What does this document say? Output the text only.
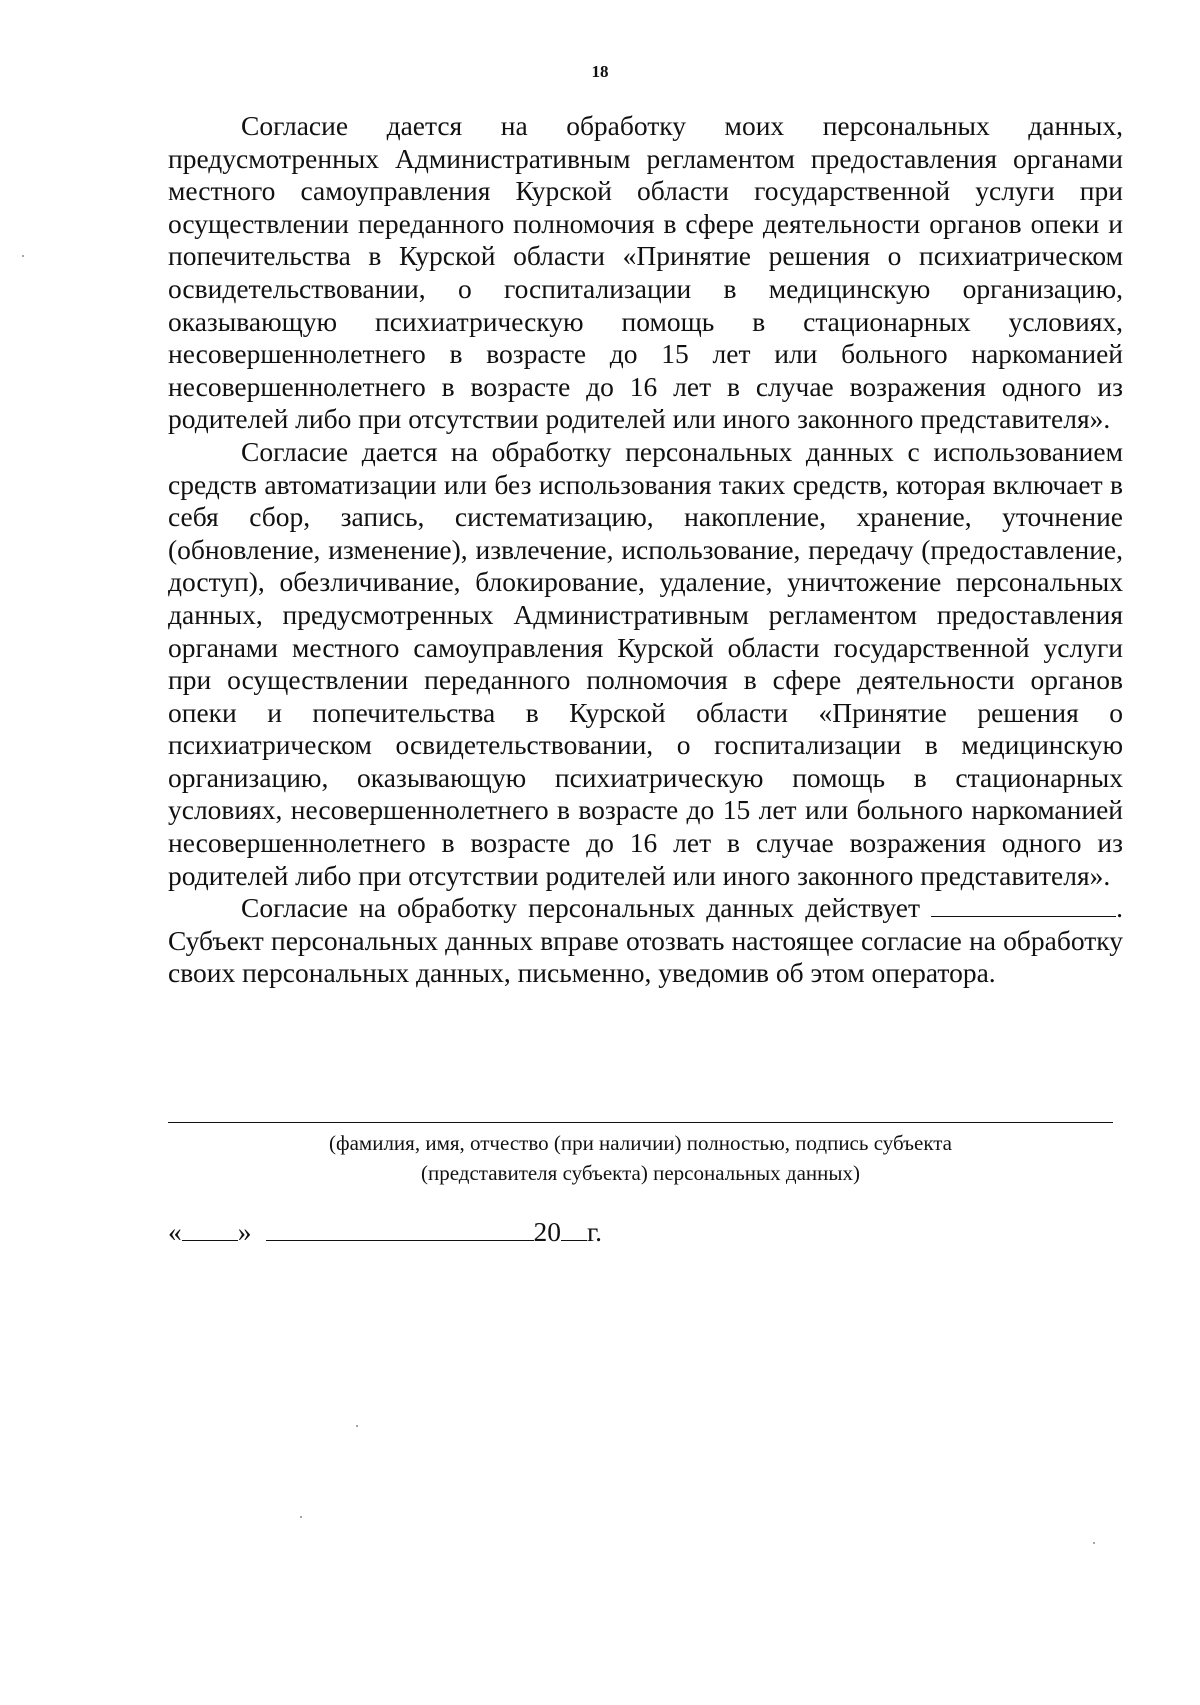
18

Согласие дается на обработку моих персональных данных, предусмотренных Административным регламентом предоставления органами местного самоуправления Курской области государственной услуги при осуществлении переданного полномочия в сфере деятельности органов опеки и попечительства в Курской области «Принятие решения о психиатрическом освидетельствовании, о госпитализации в медицинскую организацию, оказывающую психиатрическую помощь в стационарных условиях, несовершеннолетнего в возрасте до 15 лет или больного наркоманией несовершеннолетнего в возрасте до 16 лет в случае возражения одного из родителей либо при отсутствии родителей или иного законного представителя».

Согласие дается на обработку персональных данных с использованием средств автоматизации или без использования таких средств, которая включает в себя сбор, запись, систематизацию, накопление, хранение, уточнение (обновление, изменение), извлечение, использование, передачу (предоставление, доступ), обезличивание, блокирование, удаление, уничтожение персональных данных, предусмотренных Административным регламентом предоставления органами местного самоуправления Курской области государственной услуги при осуществлении переданного полномочия в сфере деятельности органов опеки и попечительства в Курской области «Принятие решения о психиатрическом освидетельствовании, о госпитализации в медицинскую организацию, оказывающую психиатрическую помощь в стационарных условиях, несовершеннолетнего в возрасте до 15 лет или больного наркоманией несовершеннолетнего в возрасте до 16 лет в случае возражения одного из родителей либо при отсутствии родителей или иного законного представителя».

Согласие на обработку персональных данных действует	. Субъект персональных данных вправе отозвать настоящее согласие на обработку своих персональных данных, письменно, уведомив об этом оператора.

(фамилия, имя, отчество (при наличии) полностью, подпись субъекта
(представителя субъекта) персональных данных)
« »	20 г.
